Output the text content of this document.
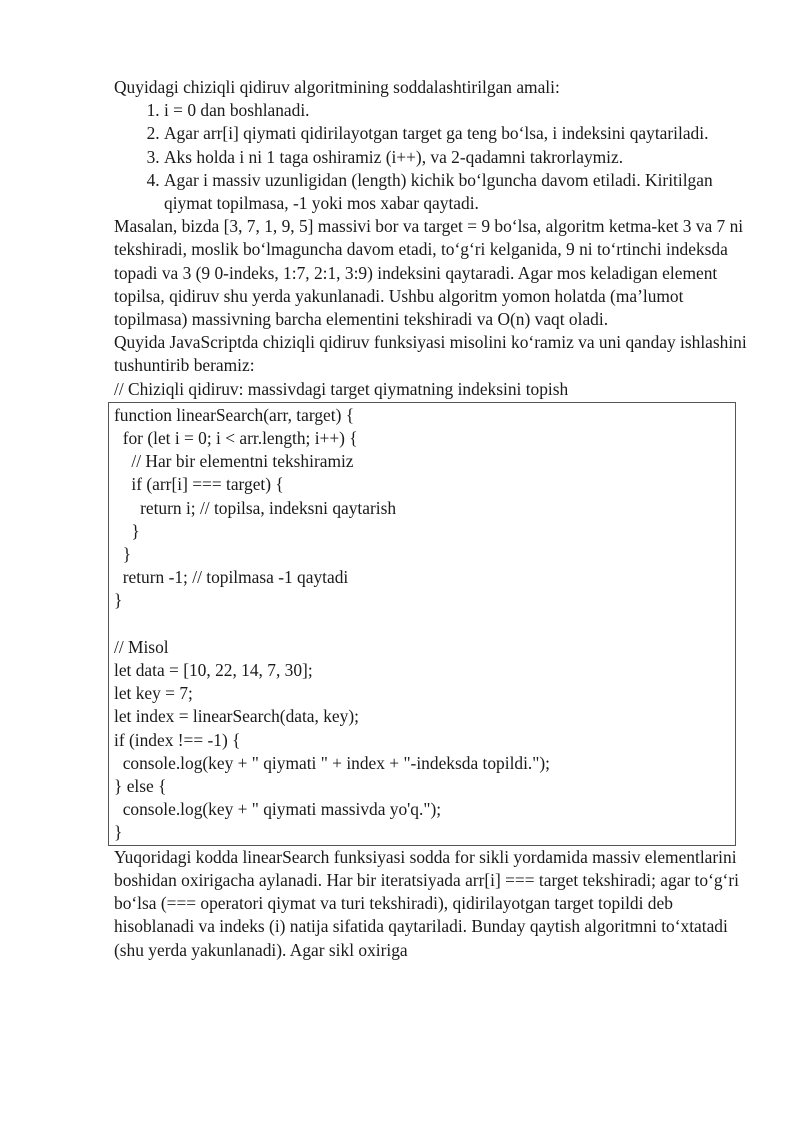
Quyidagi chiziqli qidiruv algoritmining soddalashtirilgan amali:

1. i = 0 dan boshlanadi.
2. Agar arr[i] qiymati qidirilayotgan target ga teng bo‘lsa, i indeksini qaytariladi.
3. Aks holda i ni 1 taga oshiramiz (i++), va 2-qadamni takrorlaymiz.
4. Agar i massiv uzunligidan (length) kichik bo‘lguncha davom etiladi. Kiritilgan qiymat topilmasa, -1 yoki mos xabar qaytadi.

Masalan, bizda [3, 7, 1, 9, 5] massivi bor va target = 9 bo‘lsa, algoritm ketma-ket 3 va 7 ni tekshiradi, moslik bo‘lmaguncha davom etadi, to‘g‘ri kelganida, 9 ni to‘rtinchi indeksda topadi va 3 (9 0-indeks, 1:7, 2:1, 3:9) indeksini qaytaradi. Agar mos keladigan element topilsa, qidiruv shu yerda yakunlanadi. Ushbu algoritm yomon holatda (ma’lumot topilmasa) massivning barcha elementini tekshiradi va O(n) vaqt oladi.

Quyida JavaScriptda chiziqli qidiruv funksiyasi misolini ko‘ramiz va uni qanday ishlashini tushuntirib beramiz:

// Chiziqli qidiruv: massivdagi target qiymatning indeksini topish

function linearSearch(arr, target) {
for (let i = 0; i < arr.length; i++) {
// Har bir elementni tekshiramiz
if (arr[i] === target) {
return i; // topilsa, indeksni qaytarish
}
}
return -1; // topilmasa -1 qaytadi
}
// Misol
let data = [10, 22, 14, 7, 30];
let key = 7;
let index = linearSearch(data, key);
if (index !== -1) {
console.log(key + " qiymati " + index + "-indeksda topildi.");
} else {
console.log(key + " qiymati massivda yo'q.");
}

Yuqoridagi kodda linearSearch funksiyasi sodda for sikli yordamida massiv elementlarini boshidan oxirigacha aylanadi. Har bir iteratsiyada arr[i] === target tekshiradi; agar to‘g‘ri bo‘lsa (=== operatori qiymat va turi tekshiradi), qidirilayotgan target topildi deb hisoblanadi va indeks (i) natija sifatida qaytariladi. Bunday qaytish algoritmni to‘xtatadi (shu yerda yakunlanadi). Agar sikl oxiriga
